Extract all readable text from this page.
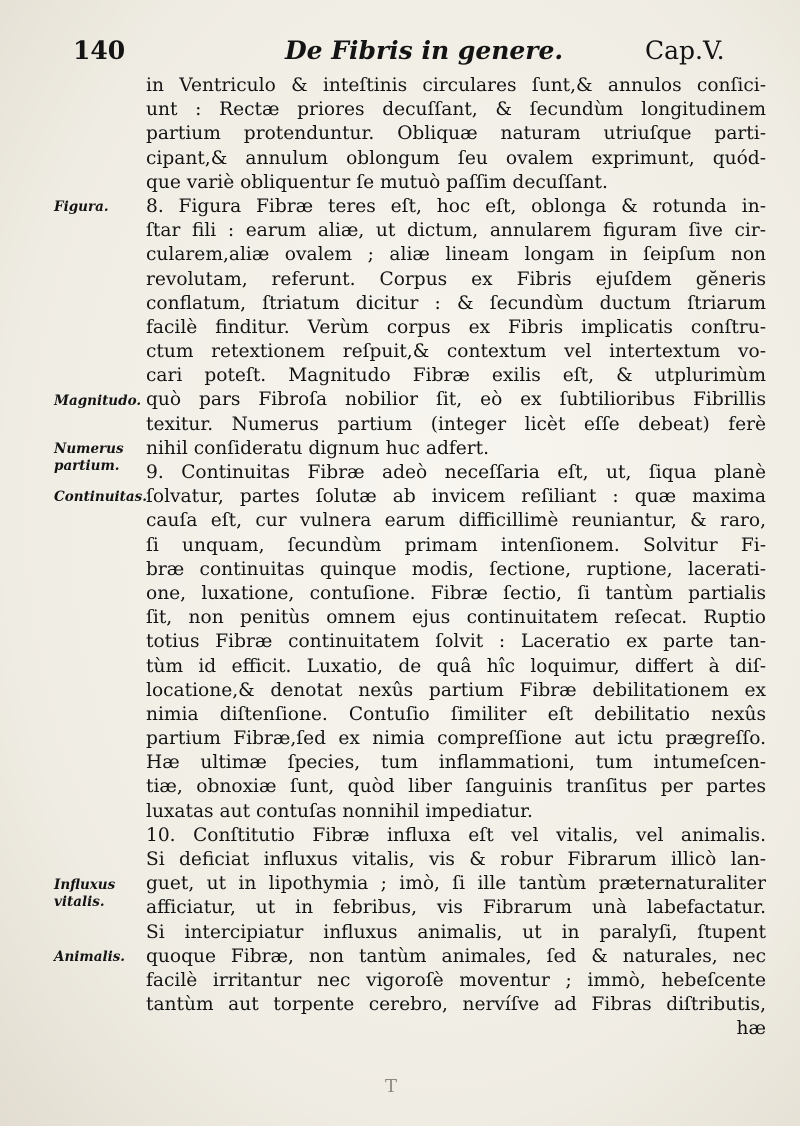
140	De Fibris in genere.	Cap.V.
Figura.
Magnitudo.
Numerus partium.
Continuitas.
Influxus vitalis.
Animalis.
in Ventriculo & inteſtinis circulares ſunt,& annulos conſici-
unt : Rectæ priores decuſſant, & ſecundùm longitudinem
partium protenduntur. Obliquæ naturam utriuſque parti-
cipant,& annulum oblongum ſeu ovalem exprimunt, quód-
que variè obliquentur ſe mutuò paſſim decuſſant.
8. Figura Fibræ teres eſt, hoc eſt, oblonga & rotunda in-
ſtar fili : earum aliæ, ut dictum, annularem figuram ſive cir-
cularem,aliæ ovalem ; aliæ lineam longam in ſeipſum non
revolutam, referunt. Corpus ex Fibris ejuſdem gĕneris
conflatum, ſtriatum dicitur : & ſecundùm ductum ſtriarum
facilè finditur. Verùm corpus ex Fibris implicatis conſtru-
ctum retextionem reſpuit,& contextum vel intertextum vo-
cari poteſt. Magnitudo Fibræ exilis eſt, & utplurimùm
quò pars Fibroſa nobilior ſit, eò ex ſubtilioribus Fibrillis
texitur. Numerus partium (integer licèt eſſe debeat) ferè
nihil conſideratu dignum huc adfert.
9. Continuitas Fibræ adeò neceſſaria eſt, ut, ſiqua planè
ſolvatur, partes ſolutæ ab invicem reſiliant : quæ maxima
cauſa eſt, cur vulnera earum difficillimè reuniantur, & raro,
ſi unquam, ſecundùm primam intenſionem. Solvitur Fi-
bræ continuitas quinque modis, ſectione, ruptione, lacerati-
one, luxatione, contuſione. Fibræ ſectio, ſi tantùm partialis
ſit, non penitùs omnem ejus continuitatem reſecat. Ruptio
totius Fibræ continuitatem ſolvit : Laceratio ex parte tan-
tùm id efficit. Luxatio, de quâ hîc loquimur, differt à diſ-
locatione,& denotat nexûs partium Fibræ debilitationem ex
nimia diſtenſione. Contuſio ſimiliter eſt debilitatio nexûs
partium Fibræ,ſed ex nimia compreſſione aut ictu prægreſſo.
Hæ ultimæ ſpecies, tum inflammationi, tum intumeſcen-
tiæ, obnoxiæ ſunt, quòd liber ſanguinis tranſitus per partes
luxatas aut contuſas nonnihil impediatur.
10. Conſtitutio Fibræ influxa eſt vel vitalis, vel animalis.
Si deficiat influxus vitalis, vis & robur Fibrarum illicò lan-
guet, ut in lipothymia ; imò, ſi ille tantùm præternaturaliter
afficiatur, ut in febribus, vis Fibrarum unà labefactatur.
Si intercipiatur influxus animalis, ut in paralyſi, ſtupent
quoque Fibræ, non tantùm animales, ſed & naturales, nec
facilè irritantur nec vigoroſè moventur ; immò, hebeſcente
tantùm aut torpente cerebro, nervíſve ad Fibras diſtributis,
hæ
T
